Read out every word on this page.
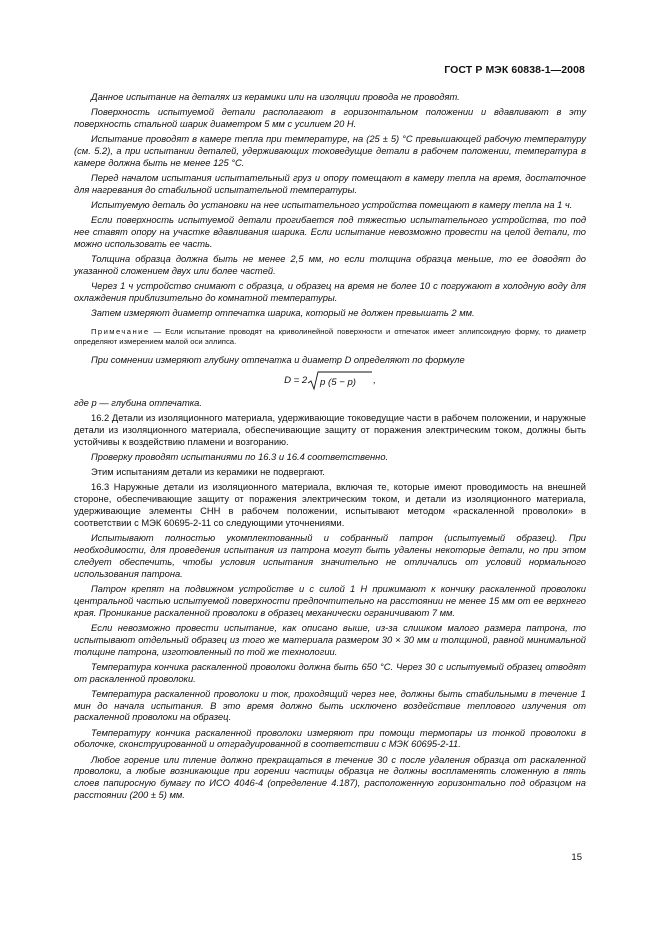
ГОСТ Р МЭК 60838-1—2008

Данное испытание на деталях из керамики или на изоляции провода не проводят.

Поверхность испытуемой детали располагают в горизонтальном положении и вдавливают в эту поверхность стальной шарик диаметром 5 мм с усилием 20 Н.

Испытание проводят в камере тепла при температуре, на (25 ± 5) °С превышающей рабочую температуру (см. 5.2), а при испытании деталей, удерживающих токоведущие детали в рабочем положении, температура в камере должна быть не менее 125 °С.

Перед началом испытания испытательный груз и опору помещают в камеру тепла на время, достаточное для нагревания до стабильной испытательной температуры.

Испытуемую деталь до установки на нее испытательного устройства помещают в камеру тепла на 1 ч.

Если поверхность испытуемой детали прогибается под тяжестью испытательного устройства, то под нее ставят опору на участке вдавливания шарика. Если испытание невозможно провести на целой детали, то можно использовать ее часть.

Толщина образца должна быть не менее 2,5 мм, но если толщина образца меньше, то ее доводят до указанной сложением двух или более частей.

Через 1 ч устройство снимают с образца, и образец на время не более 10 с погружают в холодную воду для охлаждения приблизительно до комнатной температуры.

Затем измеряют диаметр отпечатка шарика, который не должен превышать 2 мм.

Примечание — Если испытание проводят на криволинейной поверхности и отпечаток имеет эллипсоидную форму, то диаметр определяют измерением малой оси эллипса.

При сомнении измеряют глубину отпечатка и диаметр D определяют по формуле

D = 2 p (5 − p) ,

где p — глубина отпечатка.

16.2 Детали из изоляционного материала, удерживающие токоведущие части в рабочем положении, и наружные детали из изоляционного материала, обеспечивающие защиту от поражения электрическим током, должны быть устойчивы к воздействию пламени и возгоранию.

Проверку проводят испытаниями по 16.3 и 16.4 соответственно.

Этим испытаниям детали из керамики не подвергают.

16.3 Наружные детали из изоляционного материала, включая те, которые имеют проводимость на внешней стороне, обеспечивающие защиту от поражения электрическим током, и детали из изоляционного материала, удерживающие элементы СНН в рабочем положении, испытывают методом «раскаленной проволоки» в соответствии с МЭК 60695-2-11 со следующими уточнениями.

Испытывают полностью укомплектованный и собранный патрон (испытуемый образец). При необходимости, для проведения испытания из патрона могут быть удалены некоторые детали, но при этом следует обеспечить, чтобы условия испытания значительно не отличались от условий нормального использования патрона.

Патрон крепят на подвижном устройстве и с силой 1 Н прижимают к кончику раскаленной проволоки центральной частью испытуемой поверхности предпочтительно на расстоянии не менее 15 мм от ее верхнего края. Проникание раскаленной проволоки в образец механически ограничивают 7 мм.

Если невозможно провести испытание, как описано выше, из-за слишком малого размера патрона, то испытывают отдельный образец из того же материала размером 30 × 30 мм и толщиной, равной минимальной толщине патрона, изготовленный по той же технологии.

Температура кончика раскаленной проволоки должна быть 650 °С. Через 30 с испытуемый образец отводят от раскаленной проволоки.

Температура раскаленной проволоки и ток, проходящий через нее, должны быть стабильными в течение 1 мин до начала испытания. В это время должно быть исключено воздействие теплового излучения от раскаленной проволоки на образец.

Температуру кончика раскаленной проволоки измеряют при помощи термопары из тонкой проволоки в оболочке, сконструированной и отградуированной в соответствии с МЭК 60695-2-11.

Любое горение или тление должно прекращаться в течение 30 с после удаления образца от раскаленной проволоки, а любые возникающие при горении частицы образца не должны воспламенять сложенную в пять слоев папиросную бумагу по ИСО 4046-4 (определение 4.187), расположенную горизонтально под образцом на расстоянии (200 ± 5) мм.

15
